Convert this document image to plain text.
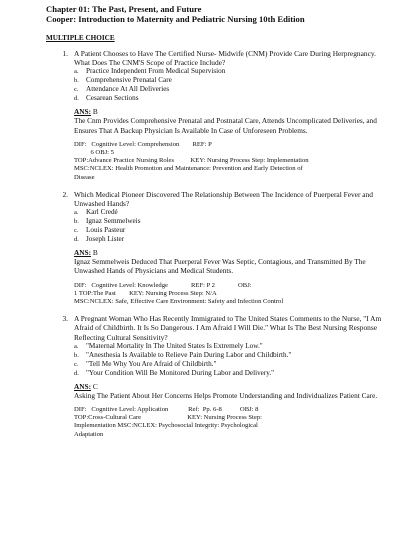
Chapter 01: The Past, Present, and Future
Cooper: Introduction to Maternity and Pediatric Nursing 10th Edition
MULTIPLE CHOICE
1. A Patient Chooses to Have The Certified Nurse- Midwife (CNM) Provide Care During Herpregnancy. What Does The CNM'S Scope of Practice Include?
a.	Practice Independent From Medical Supervision
b. Comprehensive Prenatal Care
c.	Attendance At All Deliveries
d. Cesarean Sections
ANS: B
The Cnm Provides Comprehensive Prenatal and Postnatal Care, Attends Uncomplicated Deliveries, and Ensures That A Backup Physician Is Available In Case of Unforeseen Problems.
DIF:   Cognitive Level: Comprehension        REF: P
6 OBJ: 5
TOP:Advance Practice Nursing Roles          KEY: Nursing Process Step: Implementation
MSC:NCLEX: Health Promotion and Maintenance: Prevention and Early Detection of
Disease
2. Which Medical Pioneer Discovered The Relationship Between The Incidence of Puerperal Fever and Unwashed Hands?
a.	Karl Credé
b. Ignaz Semmelweis
c.	Louis Pasteur
d. Joseph Lister
ANS: B
Ignaz Semmelweis Deduced That Puerperal Fever Was Septic, Contagious, and Transmitted By The Unwashed Hands of Physicians and Medical Students.
DIF:   Cognitive Level: Knowledge              REF: P 2              OBJ:
1 TOP:The Past        KEY: Nursing Process Step: N/A
MSC:NCLEX: Safe, Effective Care Environment: Safety and Infection Control
3. A Pregnant Woman Who Has Recently Immigrated to The United States Comments to the Nurse, "I Am Afraid of Childbirth. It Is So Dangerous. I Am Afraid I Will Die." What Is The Best Nursing Response Reflecting Cultural Sensitivity?
a.	"Maternal Mortality In The United States Is Extremely Low."
b. "Anesthesia Is Available to Relieve Pain During Labor and Childbirth."
c.	"Tell Me Why You Are Afraid of Childbirth."
d. "Your Condition Will Be Monitored During Labor and Delivery."
ANS: C
Asking The Patient About Her Concerns Helps Promote Understanding and Individualizes Patient Care.
DIF:   Cognitive Level: Application            Ref:  Pp. 6-8           OBJ: 8
TOP:Cross-Cultural Care                            KEY: Nursing Process Step:
Implementation MSC:NCLEX: Psychosocial Integrity: Psychological
Adaptation
